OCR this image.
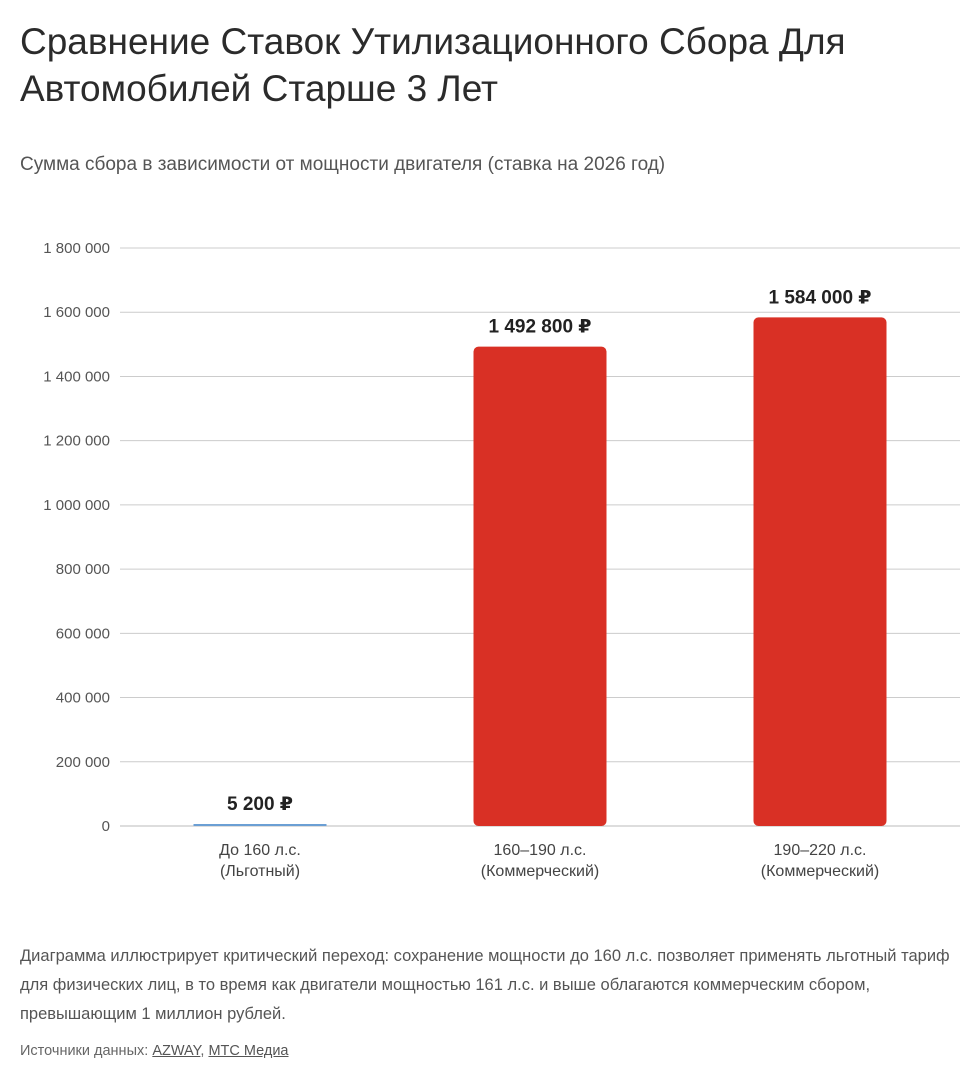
Сравнение Ставок Утилизационного Сбора Для Автомобилей Старше 3 Лет

Сумма сбора в зависимости от мощности двигателя (ставка на 2026 год)

0
200 000
400 000
600 000
800 000
1 000 000
1 200 000
1 400 000
1 600 000
1 800 000
5 200 ₽
1 492 800 ₽
1 584 000 ₽
До 160 л.с.
(Льготный)
160–190 л.с.
(Коммерческий)
190–220 л.с.
(Коммерческий)

Диаграмма иллюстрирует критический переход: сохранение мощности до 160 л.с. позволяет применять льготный тариф для физических лиц, в то время как двигатели мощностью 161 л.с. и выше облагаются коммерческим сбором, превышающим 1 миллион рублей.

Источники данных: AZWAY, МТС Медиа
